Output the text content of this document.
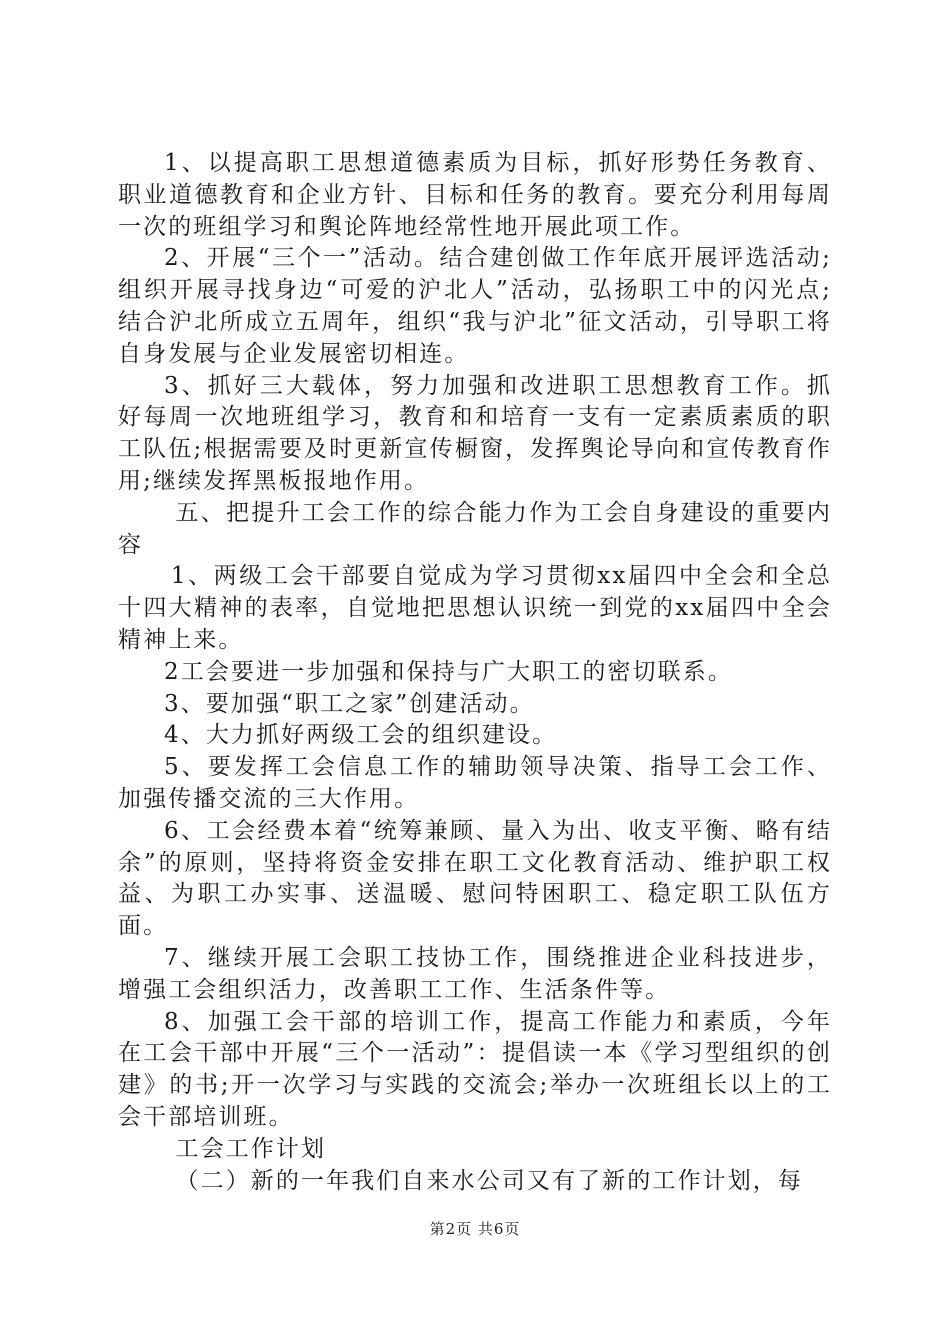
1、以提高职工思想道德素质为目标，抓好形势任务教育、职业道德教育和企业方针、目标和任务的教育。要充分利用每周一次的班组学习和舆论阵地经常性地开展此项工作。

2、开展“三个一”活动。结合建创做工作年底开展评选活动;组织开展寻找身边“可爱的沪北人”活动，弘扬职工中的闪光点;结合沪北所成立五周年，组织“我与沪北”征文活动，引导职工将自身发展与企业发展密切相连。

3、抓好三大载体，努力加强和改进职工思想教育工作。抓好每周一次地班组学习，教育和和培育一支有一定素质素质的职工队伍;根据需要及时更新宣传橱窗，发挥舆论导向和宣传教育作用;继续发挥黑板报地作用。

五、把提升工会工作的综合能力作为工会自身建设的重要内容

1、两级工会干部要自觉成为学习贯彻xx届四中全会和全总十四大精神的表率，自觉地把思想认识统一到党的xx届四中全会精神上来。

2工会要进一步加强和保持与广大职工的密切联系。

3、要加强“职工之家”创建活动。

4、大力抓好两级工会的组织建设。

5、要发挥工会信息工作的辅助领导决策、指导工会工作、加强传播交流的三大作用。

6、工会经费本着“统筹兼顾、量入为出、收支平衡、略有结余”的原则，坚持将资金安排在职工文化教育活动、维护职工权益、为职工办实事、送温暖、慰问特困职工、稳定职工队伍方面。

7、继续开展工会职工技协工作，围绕推进企业科技进步，增强工会组织活力，改善职工工作、生活条件等。

8、加强工会干部的培训工作，提高工作能力和素质，今年在工会干部中开展“三个一活动”：提倡读一本《学习型组织的创建》的书;开一次学习与实践的交流会;举办一次班组长以上的工会干部培训班。

工会工作计划

（二）新的一年我们自来水公司又有了新的工作计划，每

第2页 共6页
